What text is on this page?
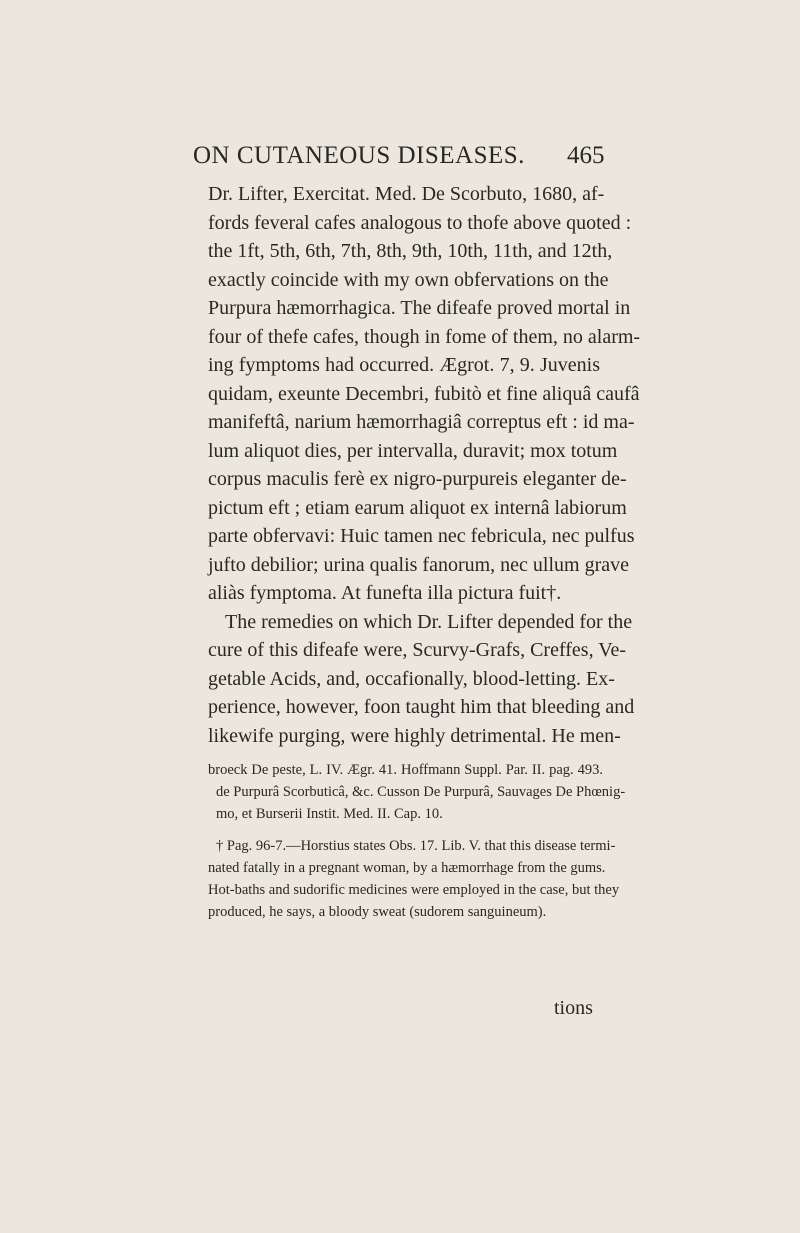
ON CUTANEOUS DISEASES. 465
Dr. Lifter, Exercitat. Med. De Scorbuto, 1680, af-
fords feveral cafes analogous to thofe above quoted :
the 1ft, 5th, 6th, 7th, 8th, 9th, 10th, 11th, and 12th,
exactly coincide with my own obfervations on the
Purpura hæmorrhagica. The difeafe proved mortal in
four of thefe cafes, though in fome of them, no alarm-
ing fymptoms had occurred. Ægrot. 7, 9. Juvenis
quidam, exeunte Decembri, fubitò et fine aliquâ caufâ
manifeftâ, narium hæmorrhagiâ correptus eft : id ma-
lum aliquot dies, per intervalla, duravit; mox totum
corpus maculis ferè ex nigro-purpureis eleganter de-
pictum eft ; etiam earum aliquot ex internâ labiorum
parte obfervavi: Huic tamen nec febricula, nec pulfus
jufto debilior; urina qualis fanorum, nec ullum grave
aliàs fymptoma. At funefta illa pictura fuit†.
The remedies on which Dr. Lifter depended for the
cure of this difeafe were, Scurvy-Grafs, Creffes, Ve-
getable Acids, and, occafionally, blood-letting. Ex-
perience, however, foon taught him that bleeding and
likewife purging, were highly detrimental. He men-
broeck De peste, L. IV. Ægr. 41. Hoffmann Suppl. Par. II. pag. 493.
de Purpurâ Scorbuticâ, &c. Cusson De Purpurâ, Sauvages De Phœnig-
mo, et Burserii Instit. Med. II. Cap. 10.
† Pag. 96-7.—Horstius states Obs. 17. Lib. V. that this disease termi-
nated fatally in a pregnant woman, by a hæmorrhage from the gums.
Hot-baths and sudorific medicines were employed in the case, but they
produced, he says, a bloody sweat (sudorem sanguineum).
tions
